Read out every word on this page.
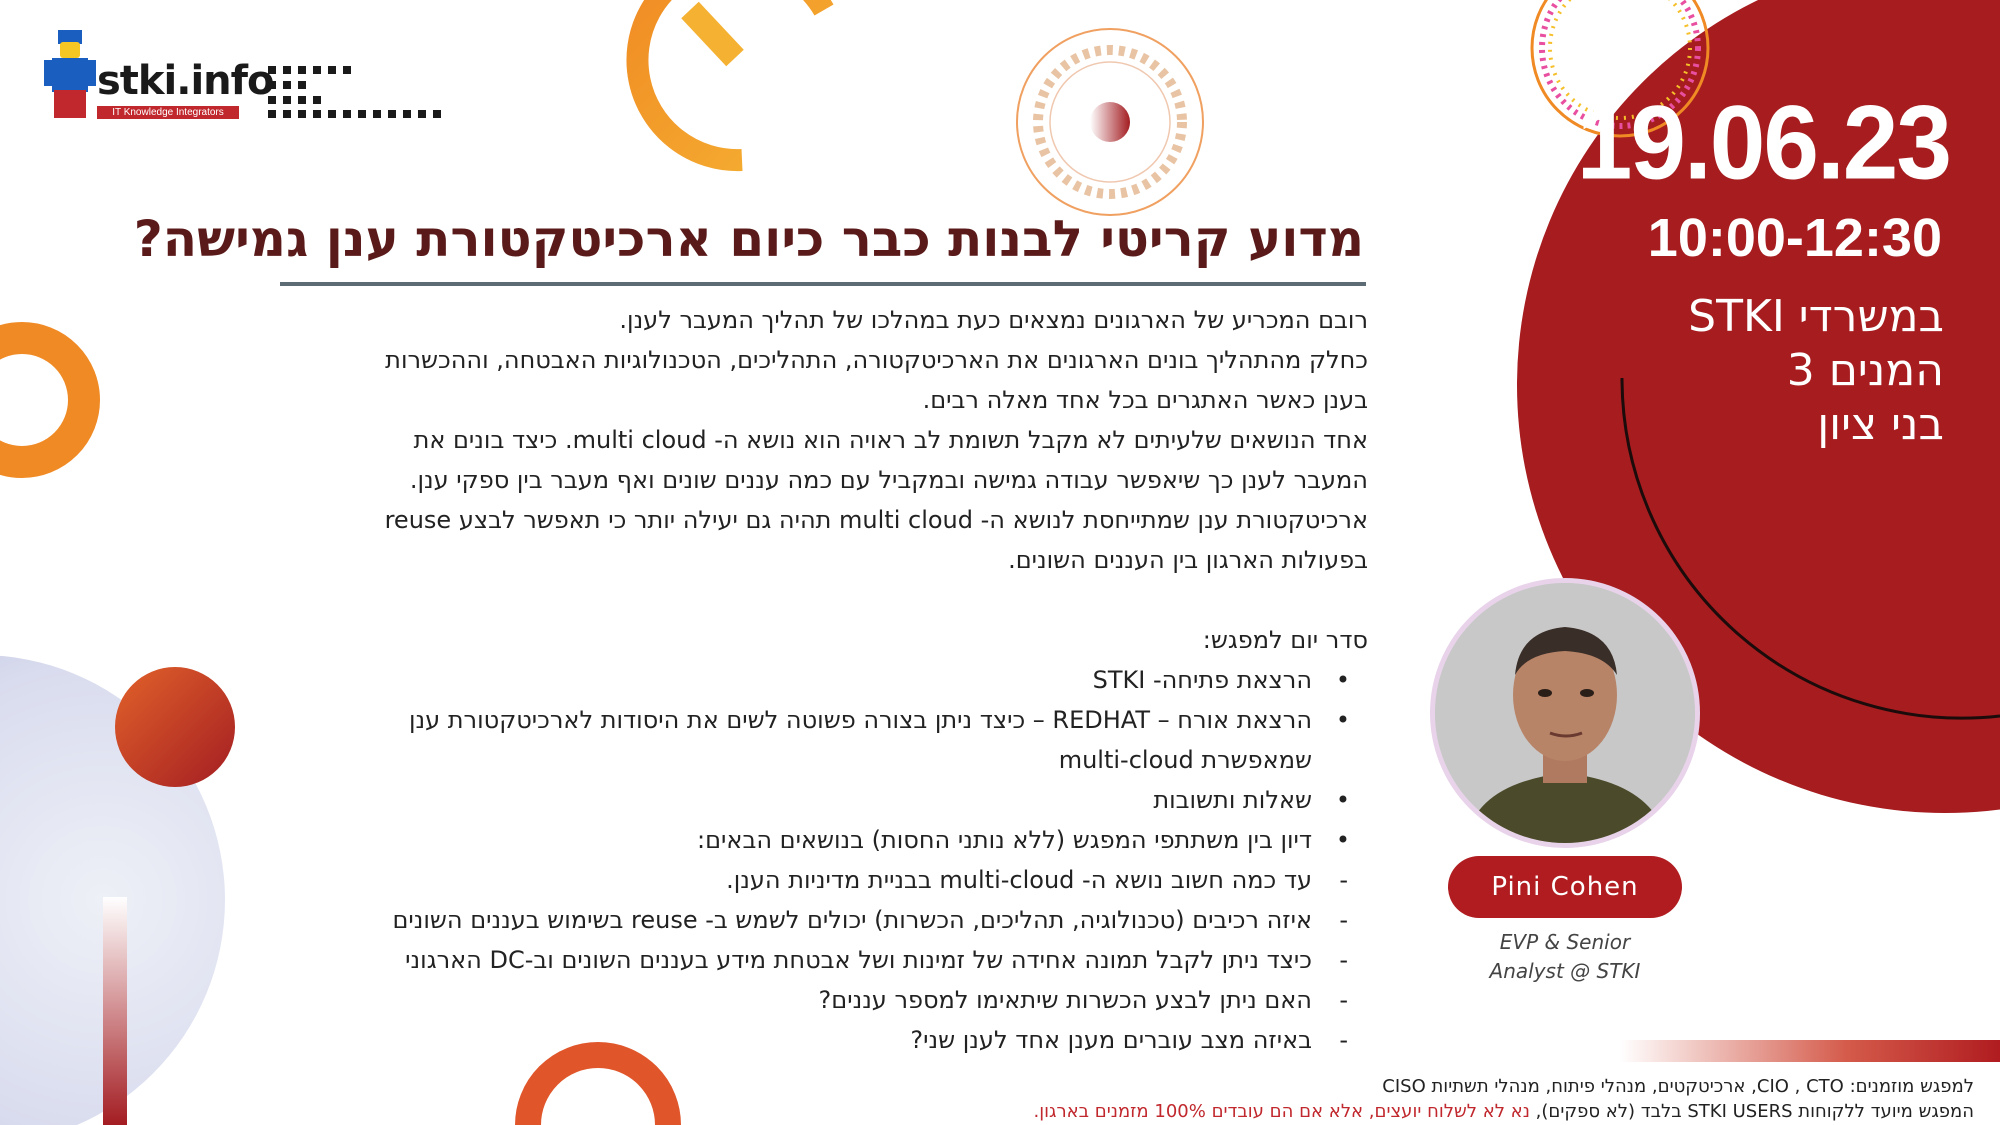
stki.info
IT Knowledge Integrators	19.06.23
10:00-12:30
במשרדי STKI
המנים 3
בני ציון
מדוע קריטי לבנות כבר כיום ארכיטקטורת ענן גמישה?

רובם המכריע של הארגונים נמצאים כעת במהלכו של תהליך המעבר לענן.

כחלק מהתהליך בונים הארגונים את הארכיטקטורה, התהליכים, הטכנולוגיות האבטחה, וההכשרות

בענן כאשר האתגרים בכל אחד מאלה רבים.

אחד הנושאים שלעיתים לא מקבל תשומת לב ראויה הוא נושא ה- multi cloud. כיצד בונים את

המעבר לענן כך שיאפשר עבודה גמישה ובמקביל עם כמה עננים שונים ואף מעבר בין ספקי ענן.

ארכיטקטורת ענן שמתייחסת לנושא ה- multi cloud תהיה גם יעילה יותר כי תאפשר לבצע reuse

בפעולות הארגון בין העננים השונים.

סדר יום למפגש:

• הרצאת פתיחה- STKI

• הרצאת אורח – REDHAT – כיצד ניתן בצורה פשוטה לשים את היסודות לארכיטקטורת ענן

שמאפשרת multi-cloud

• שאלות ותשובות

• דיון בין משתתפי המפגש (ללא נותני החסות) בנושאים הבאים:

- עד כמה חשוב נושא ה- multi-cloud בבניית מדיניות הענן.

- איזה רכיבים (טכנולוגיה, תהליכים, הכשרות) יכולים לשמש ב- reuse בשימוש בעננים השונים

- כיצד ניתן לקבל תמונה אחידה של זמינות ושל אבטחת מידע בעננים השונים וב-DC הארגוני

- האם ניתן לבצע הכשרות שיתאימו למספר עננים?

- באיזה מצב עוברים מענן אחד לענן שני?

Pini Cohen
EVP & Senior
Analyst @ STKI
למפגש מוזמנים: CIO , CTO, ארכיטקטים, מנהלי פיתוח, מנהלי תשתיות CISO
המפגש מיועד ללקוחות STKI USERS בלבד (לא ספקים), נא לא לשלוח יועצים, אלא אם הם עובדים 100% מזמנים בארגון.
